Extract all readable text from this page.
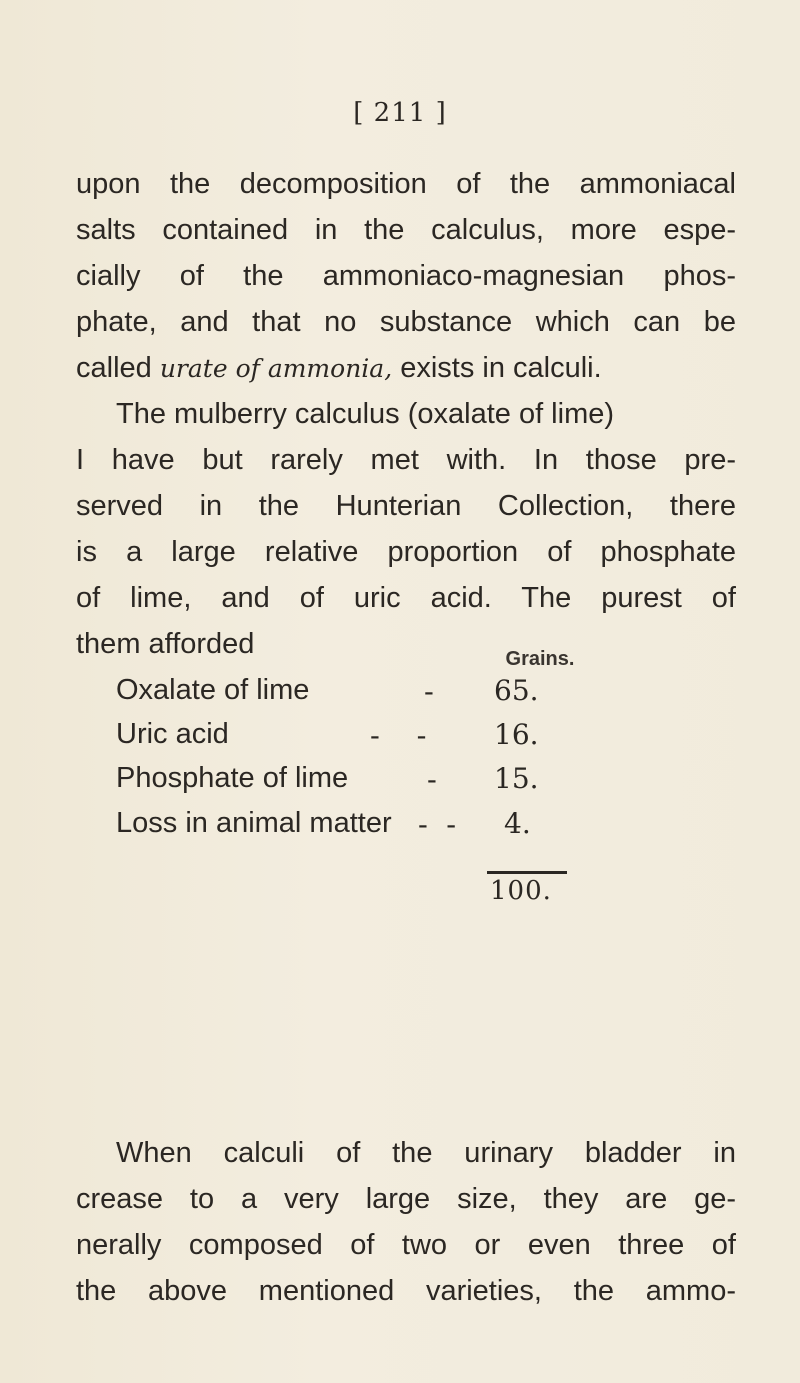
[ 211 ]
upon the decomposition of the ammoniacal
salts contained in the calculus, more espe-
cially of the ammoniaco-magnesian phos-
phate, and that no substance which can be
called urate of ammonia, exists in calculi.
The mulberry calculus (oxalate of lime)
I have but rarely met with. In those pre-
served in the Hunterian Collection, there
is a large relative proportion of phosphate
of lime, and of uric acid. The purest of
them afforded	Grains.
Oxalate of lime	- 65.
Uric acid	-    - 16.
Phosphate of lime	- 15.
Loss in animal matter -  - 4.
100.
When calculi of the urinary bladder in
crease to a very large size, they are ge-
nerally composed of two or even three of
the above mentioned varieties, the ammo-
